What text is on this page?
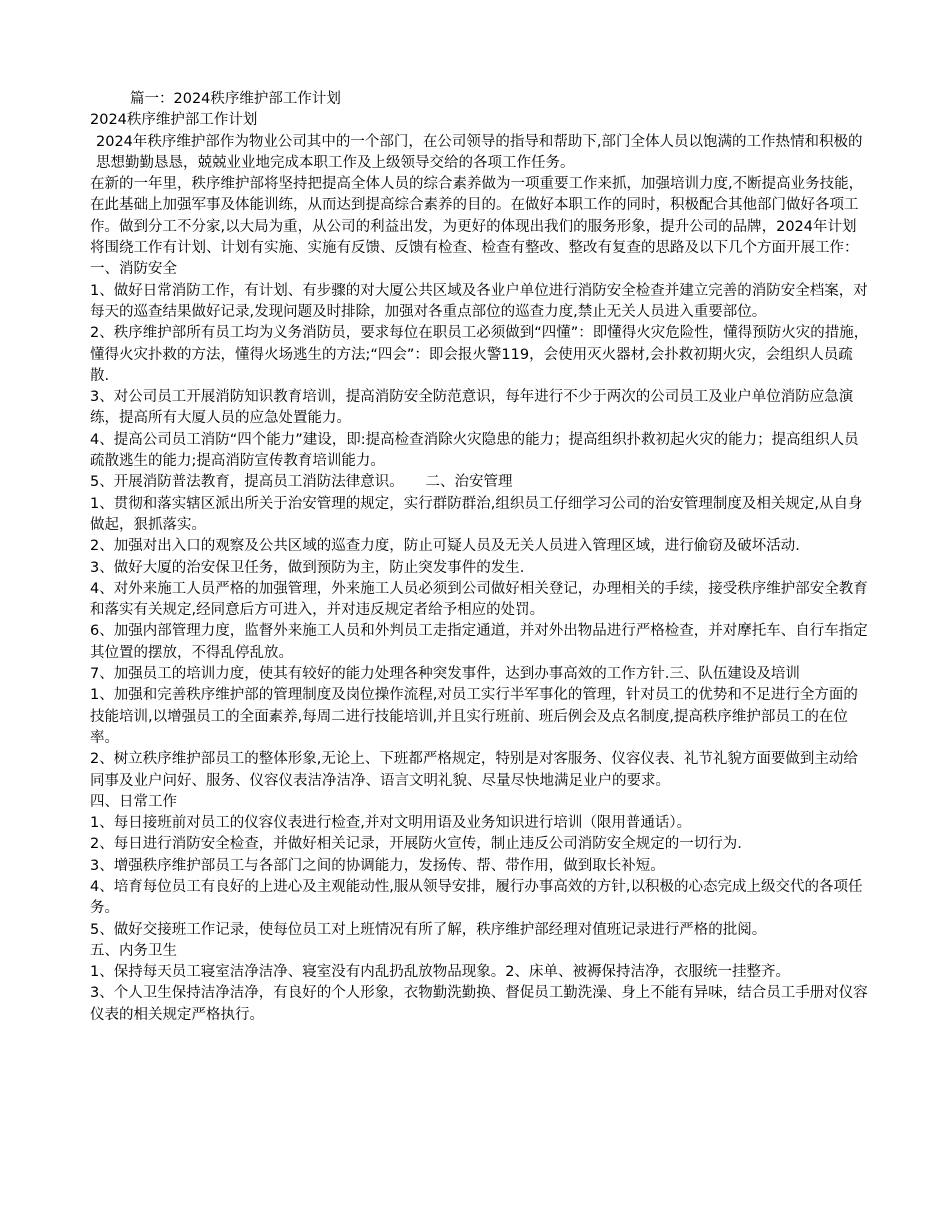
篇一：2024秩序维护部工作计划

2024秩序维护部工作计划

2024年秩序维护部作为物业公司其中的一个部门，在公司领导的指导和帮助下,部门全体人员以饱满的工作热情和积极的思想勤勤恳恳，兢兢业业地完成本职工作及上级领导交给的各项工作任务。

在新的一年里，秩序维护部将坚持把提高全体人员的综合素养做为一项重要工作来抓，加强培训力度,不断提高业务技能，在此基础上加强军事及体能训练，从而达到提高综合素养的目的。在做好本职工作的同时，积极配合其他部门做好各项工作。做到分工不分家,以大局为重，从公司的利益出发，为更好的体现出我们的服务形象，提升公司的品牌，2024年计划将围绕工作有计划、计划有实施、实施有反馈、反馈有检查、检查有整改、整改有复查的思路及以下几个方面开展工作： 一、消防安全

1、做好日常消防工作，有计划、有步骤的对大厦公共区域及各业户单位进行消防安全检查并建立完善的消防安全档案，对每天的巡查结果做好记录,发现问题及时排除，加强对各重点部位的巡查力度,禁止无关人员进入重要部位。

2、秩序维护部所有员工均为义务消防员，要求每位在职员工必须做到“四懂”：即懂得火灾危险性，懂得预防火灾的措施，懂得火灾扑救的方法，懂得火场逃生的方法;“四会”：即会报火警119，会使用灭火器材,会扑救初期火灾，会组织人员疏散.

3、对公司员工开展消防知识教育培训，提高消防安全防范意识，每年进行不少于两次的公司员工及业户单位消防应急演练，提高所有大厦人员的应急处置能力。

4、提高公司员工消防“四个能力”建设，即:提高检查消除火灾隐患的能力；提高组织扑救初起火灾的能力；提高组织人员疏散逃生的能力;提高消防宣传教育培训能力。

5、开展消防普法教育，提高员工消防法律意识。　　二、治安管理

1、贯彻和落实辖区派出所关于治安管理的规定，实行群防群治,组织员工仔细学习公司的治安管理制度及相关规定,从自身做起，狠抓落实。

2、加强对出入口的观察及公共区域的巡查力度，防止可疑人员及无关人员进入管理区域，进行偷窃及破坏活动.

3、做好大厦的治安保卫任务，做到预防为主，防止突发事件的发生.

4、对外来施工人员严格的加强管理，外来施工人员必须到公司做好相关登记，办理相关的手续，接受秩序维护部安全教育和落实有关规定,经同意后方可进入，并对违反规定者给予相应的处罚。

6、加强内部管理力度，监督外来施工人员和外判员工走指定通道，并对外出物品进行严格检查，并对摩托车、自行车指定其位置的摆放，不得乱停乱放。

7、加强员工的培训力度，使其有较好的能力处理各种突发事件，达到办事高效的工作方针.三、队伍建设及培训

1、加强和完善秩序维护部的管理制度及岗位操作流程,对员工实行半军事化的管理，针对员工的优势和不足进行全方面的技能培训,以增强员工的全面素养,每周二进行技能培训,并且实行班前、班后例会及点名制度,提高秩序维护部员工的在位率。

2、树立秩序维护部员工的整体形象,无论上、下班都严格规定，特别是对客服务、仪容仪表、礼节礼貌方面要做到主动给同事及业户问好、服务、仪容仪表洁净洁净、语言文明礼貌、尽量尽快地满足业户的要求。

四、日常工作

1、每日接班前对员工的仪容仪表进行检查,并对文明用语及业务知识进行培训（限用普通话）。

2、每日进行消防安全检查，并做好相关记录，开展防火宣传，制止违反公司消防安全规定的一切行为.

3、增强秩序维护部员工与各部门之间的协调能力，发扬传、帮、带作用，做到取长补短。

4、培育每位员工有良好的上进心及主观能动性,服从领导安排，履行办事高效的方针,以积极的心态完成上级交代的各项任务。

5、做好交接班工作记录，使每位员工对上班情况有所了解，秩序维护部经理对值班记录进行严格的批阅。

五、内务卫生

1、保持每天员工寝室洁净洁净、寝室没有内乱扔乱放物品现象。2、床单、被褥保持洁净，衣服统一挂整齐。

3、个人卫生保持洁净洁净，有良好的个人形象，衣物勤洗勤换、督促员工勤洗澡、身上不能有异味，结合员工手册对仪容仪表的相关规定严格执行。
